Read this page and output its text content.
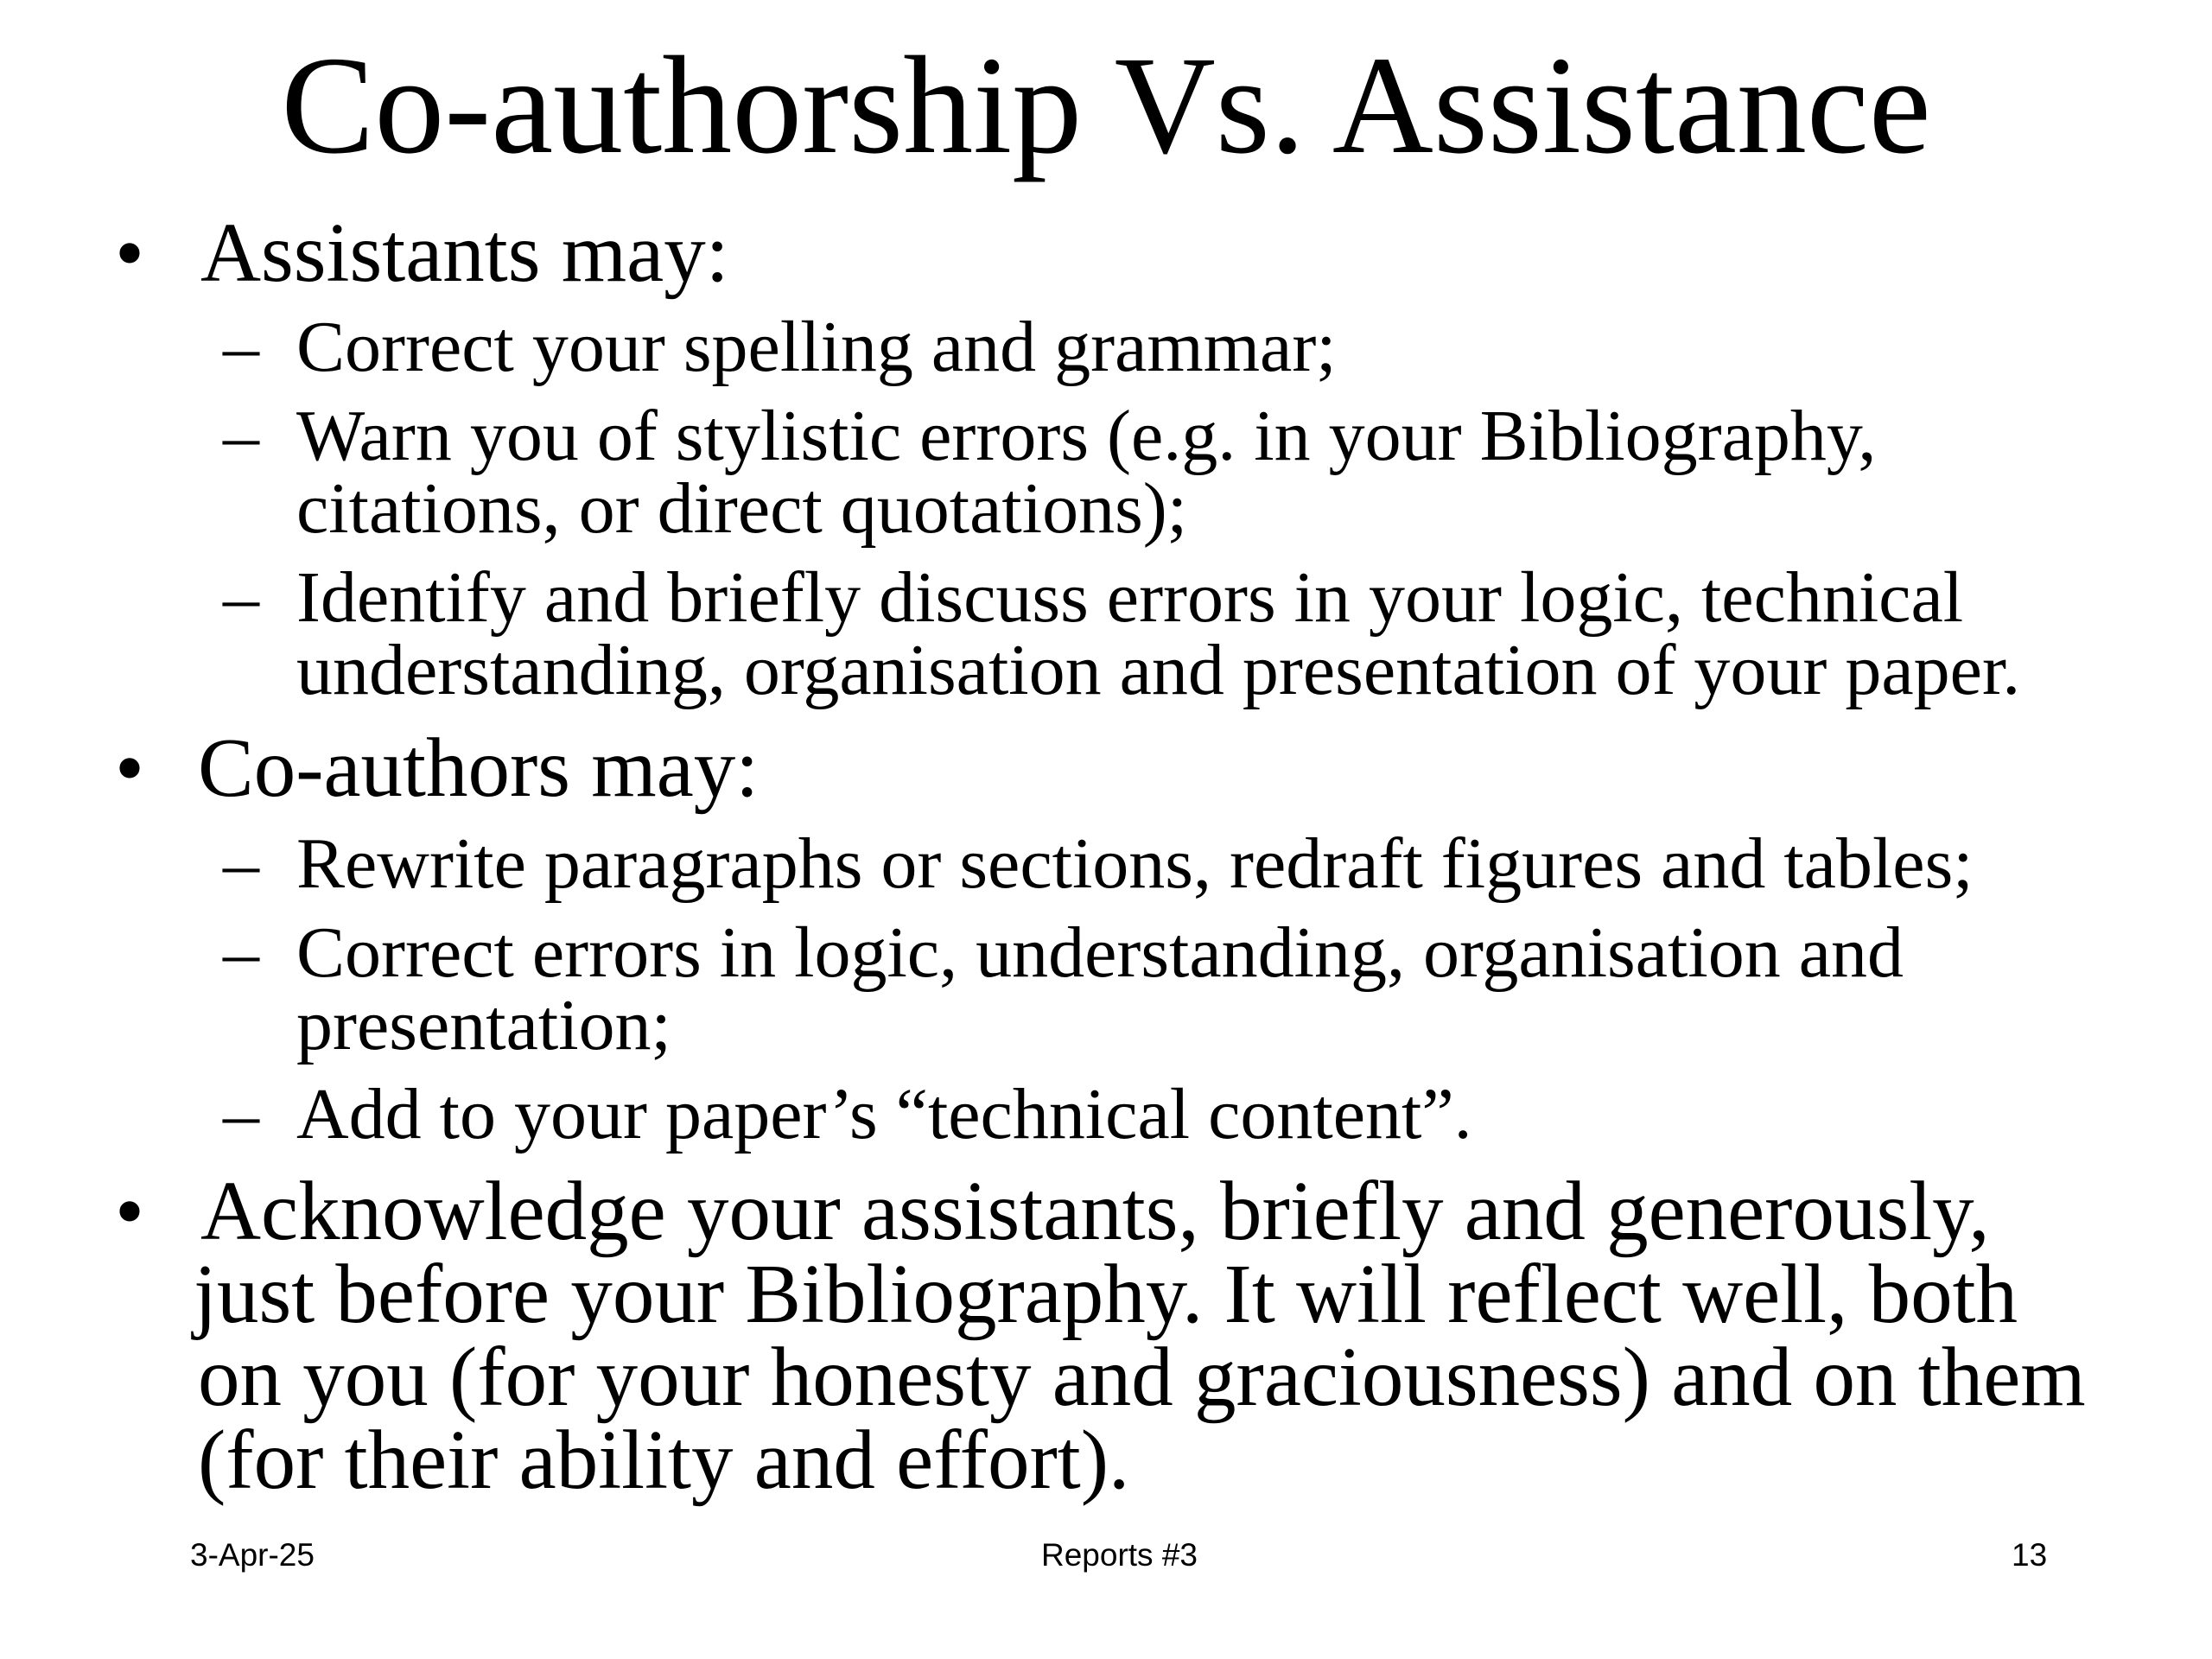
Co-authorship Vs. Assistance
• Assistants may:

– Correct your spelling and grammar;

– Warn you of stylistic errors (e.g. in your Bibliography,

citations, or direct quotations);

– Identify and briefly discuss errors in your logic, technical

understanding, organisation and presentation of your paper.

• Co-authors may:

– Rewrite paragraphs or sections, redraft figures and tables;

– Correct errors in logic, understanding, organisation and

presentation;

– Add to your paper’s “technical content”.

• Acknowledge your assistants, briefly and generously,

just before your Bibliography. It will reflect well, both

on you (for your honesty and graciousness) and on them

(for their ability and effort).

3-Apr-25	Reports #3	13
